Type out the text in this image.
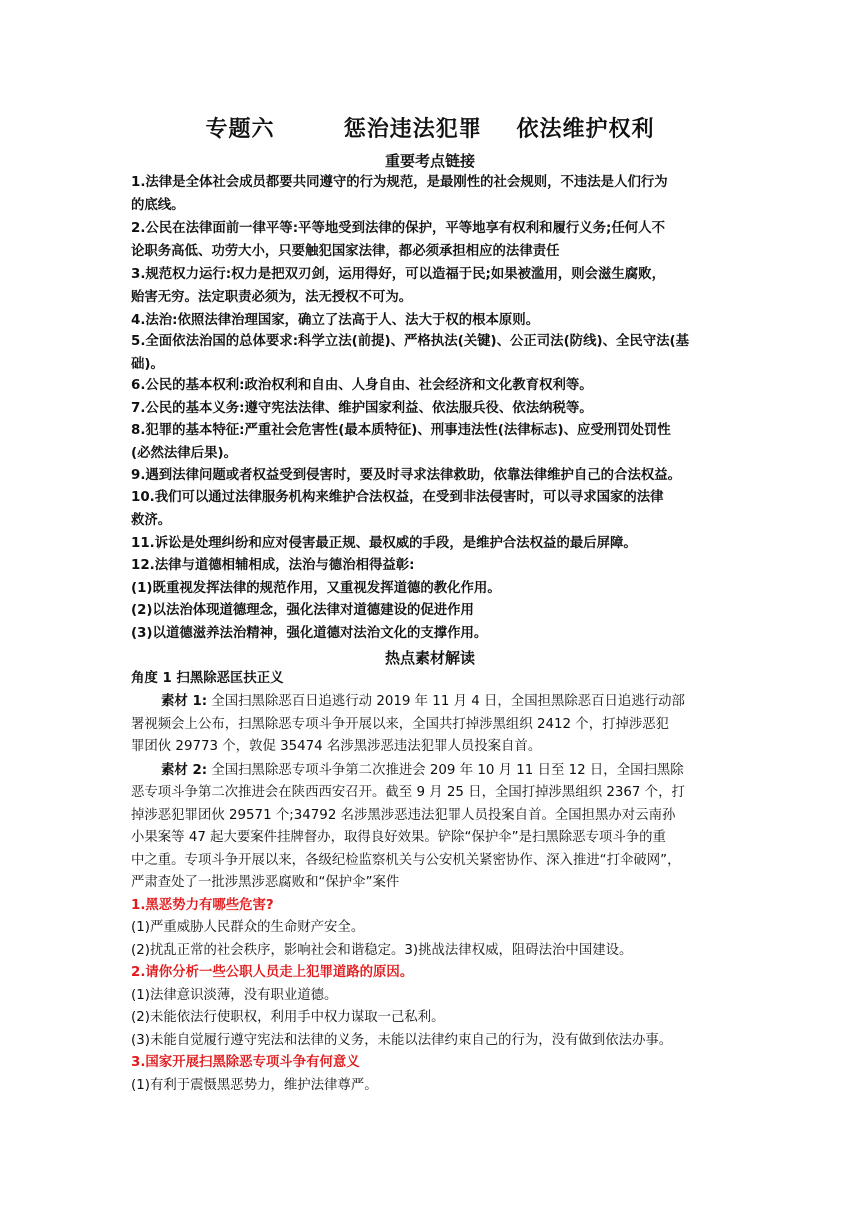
专题六        惩治违法犯罪    依法维护权利
重要考点链接
1.法律是全体社会成员都要共同遵守的行为规范，是最刚性的社会规则，不违法是人们行为
的底线。
2.公民在法律面前一律平等:平等地受到法律的保护，平等地享有权利和履行义务;任何人不
论职务高低、功劳大小，只要触犯国家法律，都必须承担相应的法律责任
3.规范权力运行:权力是把双刃剑，运用得好，可以造福于民;如果被滥用，则会滋生腐败，
贻害无穷。法定职责必须为，法无授权不可为。
4.法治:依照法律治理国家，确立了法高于人、法大于权的根本原则。
5.全面依法治国的总体要求:科学立法(前提)、严格执法(关键)、公正司法(防线)、全民守法(基
础)。
6.公民的基本权利:政治权利和自由、人身自由、社会经济和文化教育权利等。
7.公民的基本义务:遵守宪法法律、维护国家利益、依法服兵役、依法纳税等。
8.犯罪的基本特征:严重社会危害性(最本质特征)、刑事违法性(法律标志)、应受刑罚处罚性
(必然法律后果)。
9.遇到法律问题或者权益受到侵害时，要及时寻求法律救助，依靠法律维护自己的合法权益。
10.我们可以通过法律服务机构来维护合法权益，在受到非法侵害时，可以寻求国家的法律
救济。
11.诉讼是处理纠纷和应对侵害最正规、最权威的手段，是维护合法权益的最后屏障。
12.法律与道德相辅相成，法治与德治相得益彰:
(1)既重视发挥法律的规范作用，又重视发挥道德的教化作用。
(2)以法治体现道德理念，强化法律对道德建设的促进作用
(3)以道德滋养法治精神，强化道德对法治文化的支撑作用。
热点素材解读
角度 1 扫黑除恶匡扶正义
素材 1: 全国扫黑除恶百日追逃行动 2019 年 11 月 4 日，全国担黑除恶百日追逃行动部
署视频会上公布，扫黑除恶专项斗争开展以来，全国共打掉涉黑组织 2412 个，打掉涉恶犯
罪团伙 29773 个，敦促 35474 名涉黑涉恶违法犯罪人员投案自首。
素材 2: 全国扫黑除恶专项斗争第二次推进会 209 年 10 月 11 日至 12 日，全国扫黑除
恶专项斗争第二次推进会在陕西西安召开。截至 9 月 25 日，全国打掉涉黑组织 2367 个，打
掉涉恶犯罪团伙 29571 个;34792 名涉黑涉恶违法犯罪人员投案自首。全国担黑办对云南孙
小果案等 47 起大要案件挂牌督办，取得良好效果。铲除“保护伞”是扫黑除恶专项斗争的重
中之重。专项斗争开展以来，各级纪检监察机关与公安机关紧密协作、深入推进“打伞破网”，
严肃查处了一批涉黑涉恶腐败和“保护伞”案件
1.黑恶势力有哪些危害?
(1)严重威胁人民群众的生命财产安全。
(2)扰乱正常的社会秩序，影响社会和谐稳定。3)挑战法律权威，阻碍法治中国建设。
2.请你分析一些公职人员走上犯罪道路的原因。
(1)法律意识淡薄，没有职业道德。
(2)未能依法行使职权，利用手中权力谋取一己私利。
(3)未能自觉履行遵守宪法和法律的义务，未能以法律约束自己的行为，没有做到依法办事。
3.国家开展扫黑除恶专项斗争有何意义
(1)有利于震慑黑恶势力，维护法律尊严。
